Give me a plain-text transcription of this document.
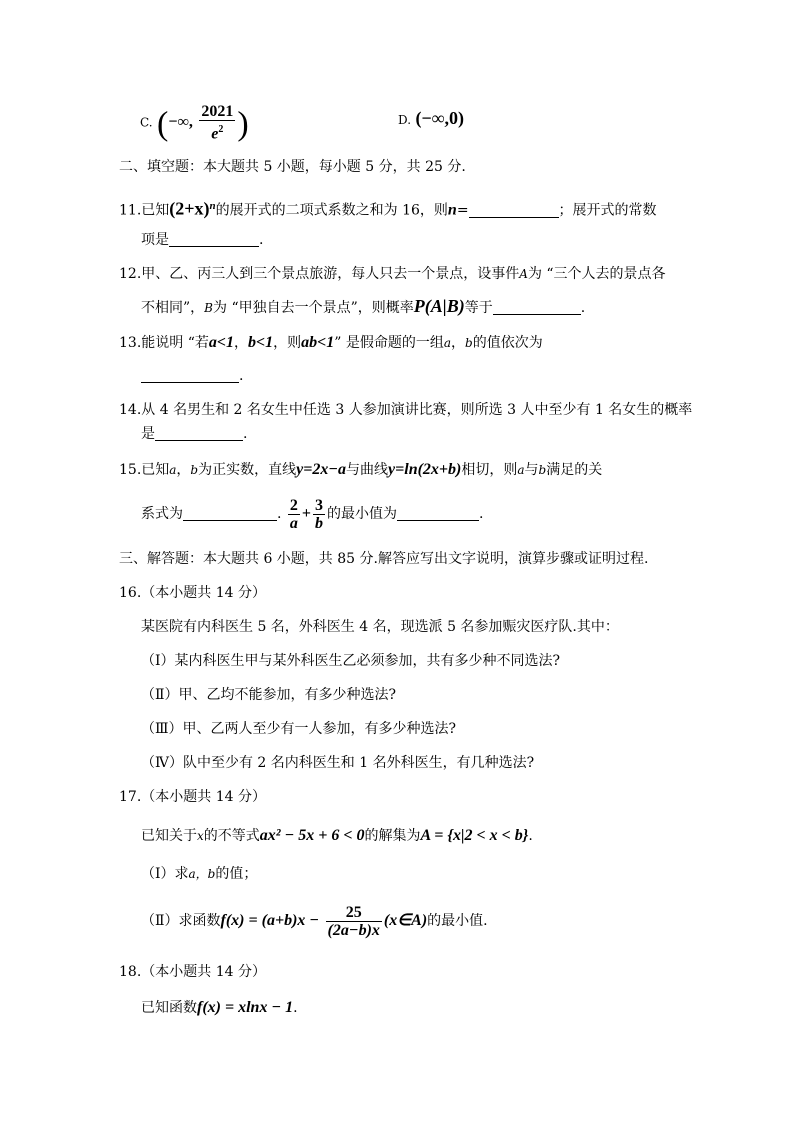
C. (−∞, $\frac{2021}{e^2}$ )	D. (−∞,0)
二、填空题：本大题共 5 小题，每小题 5 分，共 25 分.
11.已知$(2+x)^n$的展开式的二项式系数之和为 16，则n=	；展开式的常数
项是	.
12.甲、乙、丙三人到三个景点旅游，每人只去一个景点，设事件A为 “三个人去的景点各
不相同”，B为 “甲独自去一个景点”，则概率P(A|B)等于	.
13.能说明 “若a<1，b<1，则ab<1” 是假命题的一组a，b的值依次为
.
14.从 4 名男生和 2 名女生中任选 3 人参加演讲比赛，则所选 3 人中至少有 1 名女生的概率
是	.
15.已知a，b为正实数，直线y=2x−a与曲线y=ln(2x+b)相切，则a与b满足的关
系式为	. $\frac{2}{a} + \frac{3}{b}$ 的最小值为	.
三、解答题：本大题共 6 小题，共 85 分.解答应写出文字说明，演算步骤或证明过程.
16.（本小题共 14 分）
某医院有内科医生 5 名，外科医生 4 名，现选派 5 名参加赈灾医疗队.其中：
（Ⅰ）某内科医生甲与某外科医生乙必须参加，共有多少种不同选法?
（Ⅱ）甲、乙均不能参加，有多少种选法?
（Ⅲ）甲、乙两人至少有一人参加，有多少种选法?
（Ⅳ）队中至少有 2 名内科医生和 1 名外科医生，有几种选法?
17.（本小题共 14 分）
已知关于x的不等式ax² − 5x + 6 < 0的解集为A = {x|2 < x < b}.
（Ⅰ）求a，b的值；
（Ⅱ）求函数$f(x) = (a+b)x - \frac{25}{(2a-b)x}$ (x∈A)的最小值.
18.（本小题共 14 分）
已知函数f(x) = xlnx − 1.
